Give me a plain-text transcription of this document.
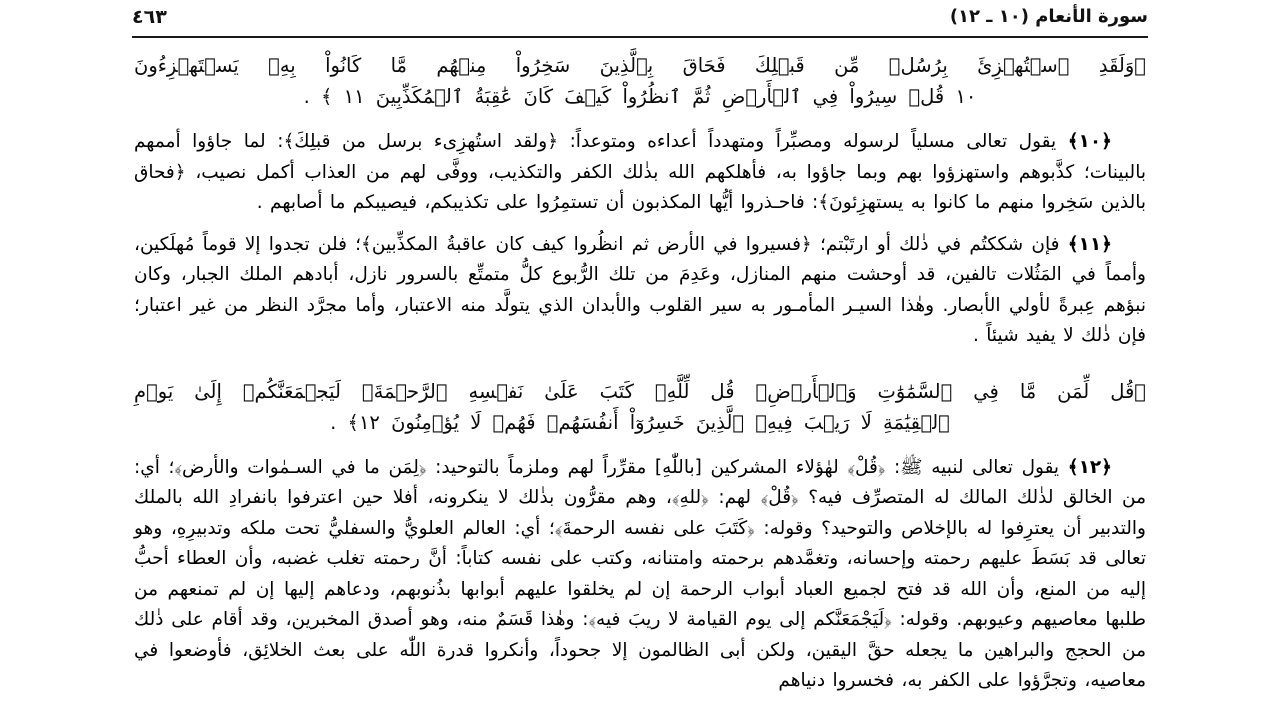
سورة الأنعام (١٠ ـ ١٢)
٤٦٣
﴿وَلَقَدِ ٱسۡتُهۡزِئَ بِرُسُلٖ مِّن قَبۡلِكَ فَحَاقَ بِٱلَّذِينَ سَخِرُواْ مِنۡهُم مَّا كَانُواْ بِهِۦ يَسۡتَهۡزِءُونَ
١٠ قُلۡ سِيرُواْ فِي ٱلۡأَرۡضِ ثُمَّ ٱنظُرُواْ كَيۡفَ كَانَ عَٰقِبَةُ ٱلۡمُكَذِّبِينَ ١١ ﴾ .
﴿١٠﴾ يقول تعالى مسلياً لرسوله ومصبِّراً ومتهدداً أعداءه ومتوعداً: ﴿ولقد استُهزِىء برسل من قبلِكَ﴾: لما جاؤوا أممهم بالبينات؛ كذَّبوهم واستهزؤوا بهم وبما جاؤوا به، فأهلكهم الله بذٰلك الكفر والتكذيب، ووفَّى لهم من العذاب أكمل نصيب، ﴿فحاق بالذين سَخِروا منهم ما كانوا به يستهزِئونَ﴾: فاحـذروا أيُّها المكذبون أن تستمِرُوا على تكذيبكم، فيصيبكم ما أصابهم .
﴿١١﴾ فإن شككتُم في ذٰلك أو ارتَبْتم؛ ﴿فسيروا في الأرض ثم انظُروا كيف كان عاقبةُ المكذِّبين﴾؛ فلن تجدوا إلا قوماً مُهلَكين، وأمماً في المَثُلات تالفين، قد أوحشت منهم المنازل، وعَدِمَ من تلك الرُّبوع كلُّ متمتِّع بالسرور نازل، أبادهم الملك الجبار، وكان نبؤهم عِبرةً لأولي الأبصار. وهٰذا السيـر المأمـور به سير القلوب والأبدان الذي يتولَّد منه الاعتبار، وأما مجرَّد النظر من غير اعتبار؛ فإن ذٰلك لا يفيد شيئاً .
﴿قُل لِّمَن مَّا فِي ٱلسَّمَٰوَٰتِ وَٱلۡأَرۡضِۖ قُل لِّلَّهِۚ كَتَبَ عَلَىٰ نَفۡسِهِ ٱلرَّحۡمَةَۚ لَيَجۡمَعَنَّكُمۡ إِلَىٰ يَوۡمِ
ٱلۡقِيَٰمَةِ لَا رَيۡبَ فِيهِۚ ٱلَّذِينَ خَسِرُوٓاْ أَنفُسَهُمۡ فَهُمۡ لَا يُؤۡمِنُونَ ١٢﴾ .
﴿١٢﴾ يقول تعالى لنبيه ﷺ: ﴿قُلْ﴾ لهٰؤلاء المشركين [باللّٰهِ] مقرِّراً لهم وملزماً بالتوحيد: ﴿لِمَن ما في السـمٰوات والأرض﴾؛ أي: من الخالق لذٰلك المالك له المتصرِّف فيه؟ ﴿قُلْ﴾ لهم: ﴿للهِ﴾، وهم مقرُّون بذٰلك لا ينكرونه، أفلا حين اعترفوا بانفرادِ الله بالملك والتدبير أن يعترِفوا له بالإخلاص والتوحيد؟ وقوله: ﴿كَتَبَ على نفسه الرحمةَ﴾؛ أي: العالم العلويُّ والسفليُّ تحت ملكه وتدبيرِهِ، وهو تعالى قد بَسَطَ عليهم رحمته وإحسانه، وتغمَّدهم برحمته وامتنانه، وكتب على نفسه كتاباً: أنَّ رحمته تغلب غضبه، وأن العطاء أحبُّ إليه من المنع، وأن الله قد فتح لجميع العباد أبواب الرحمة إن لم يخلقوا عليهم أبوابها بذُنوبهم، ودعاهم إليها إن لم تمنعهم من طلبها معاصيهم وعيوبهم. وقوله: ﴿لَيَجْمَعَنَّكم إلى يوم القيامة لا ريبَ فيه﴾: وهٰذا قَسَمٌ منه، وهو أصدق المخبرين، وقد أقام على ذٰلك من الحجج والبراهين ما يجعله حقَّ اليقين، ولكن أبى الظالمون إلا جحوداً، وأنكروا قدرة اللّٰه على بعث الخلائِق، فأوضعوا في معاصيه، وتجرَّؤوا على الكفر به، فخسروا دنياهم
